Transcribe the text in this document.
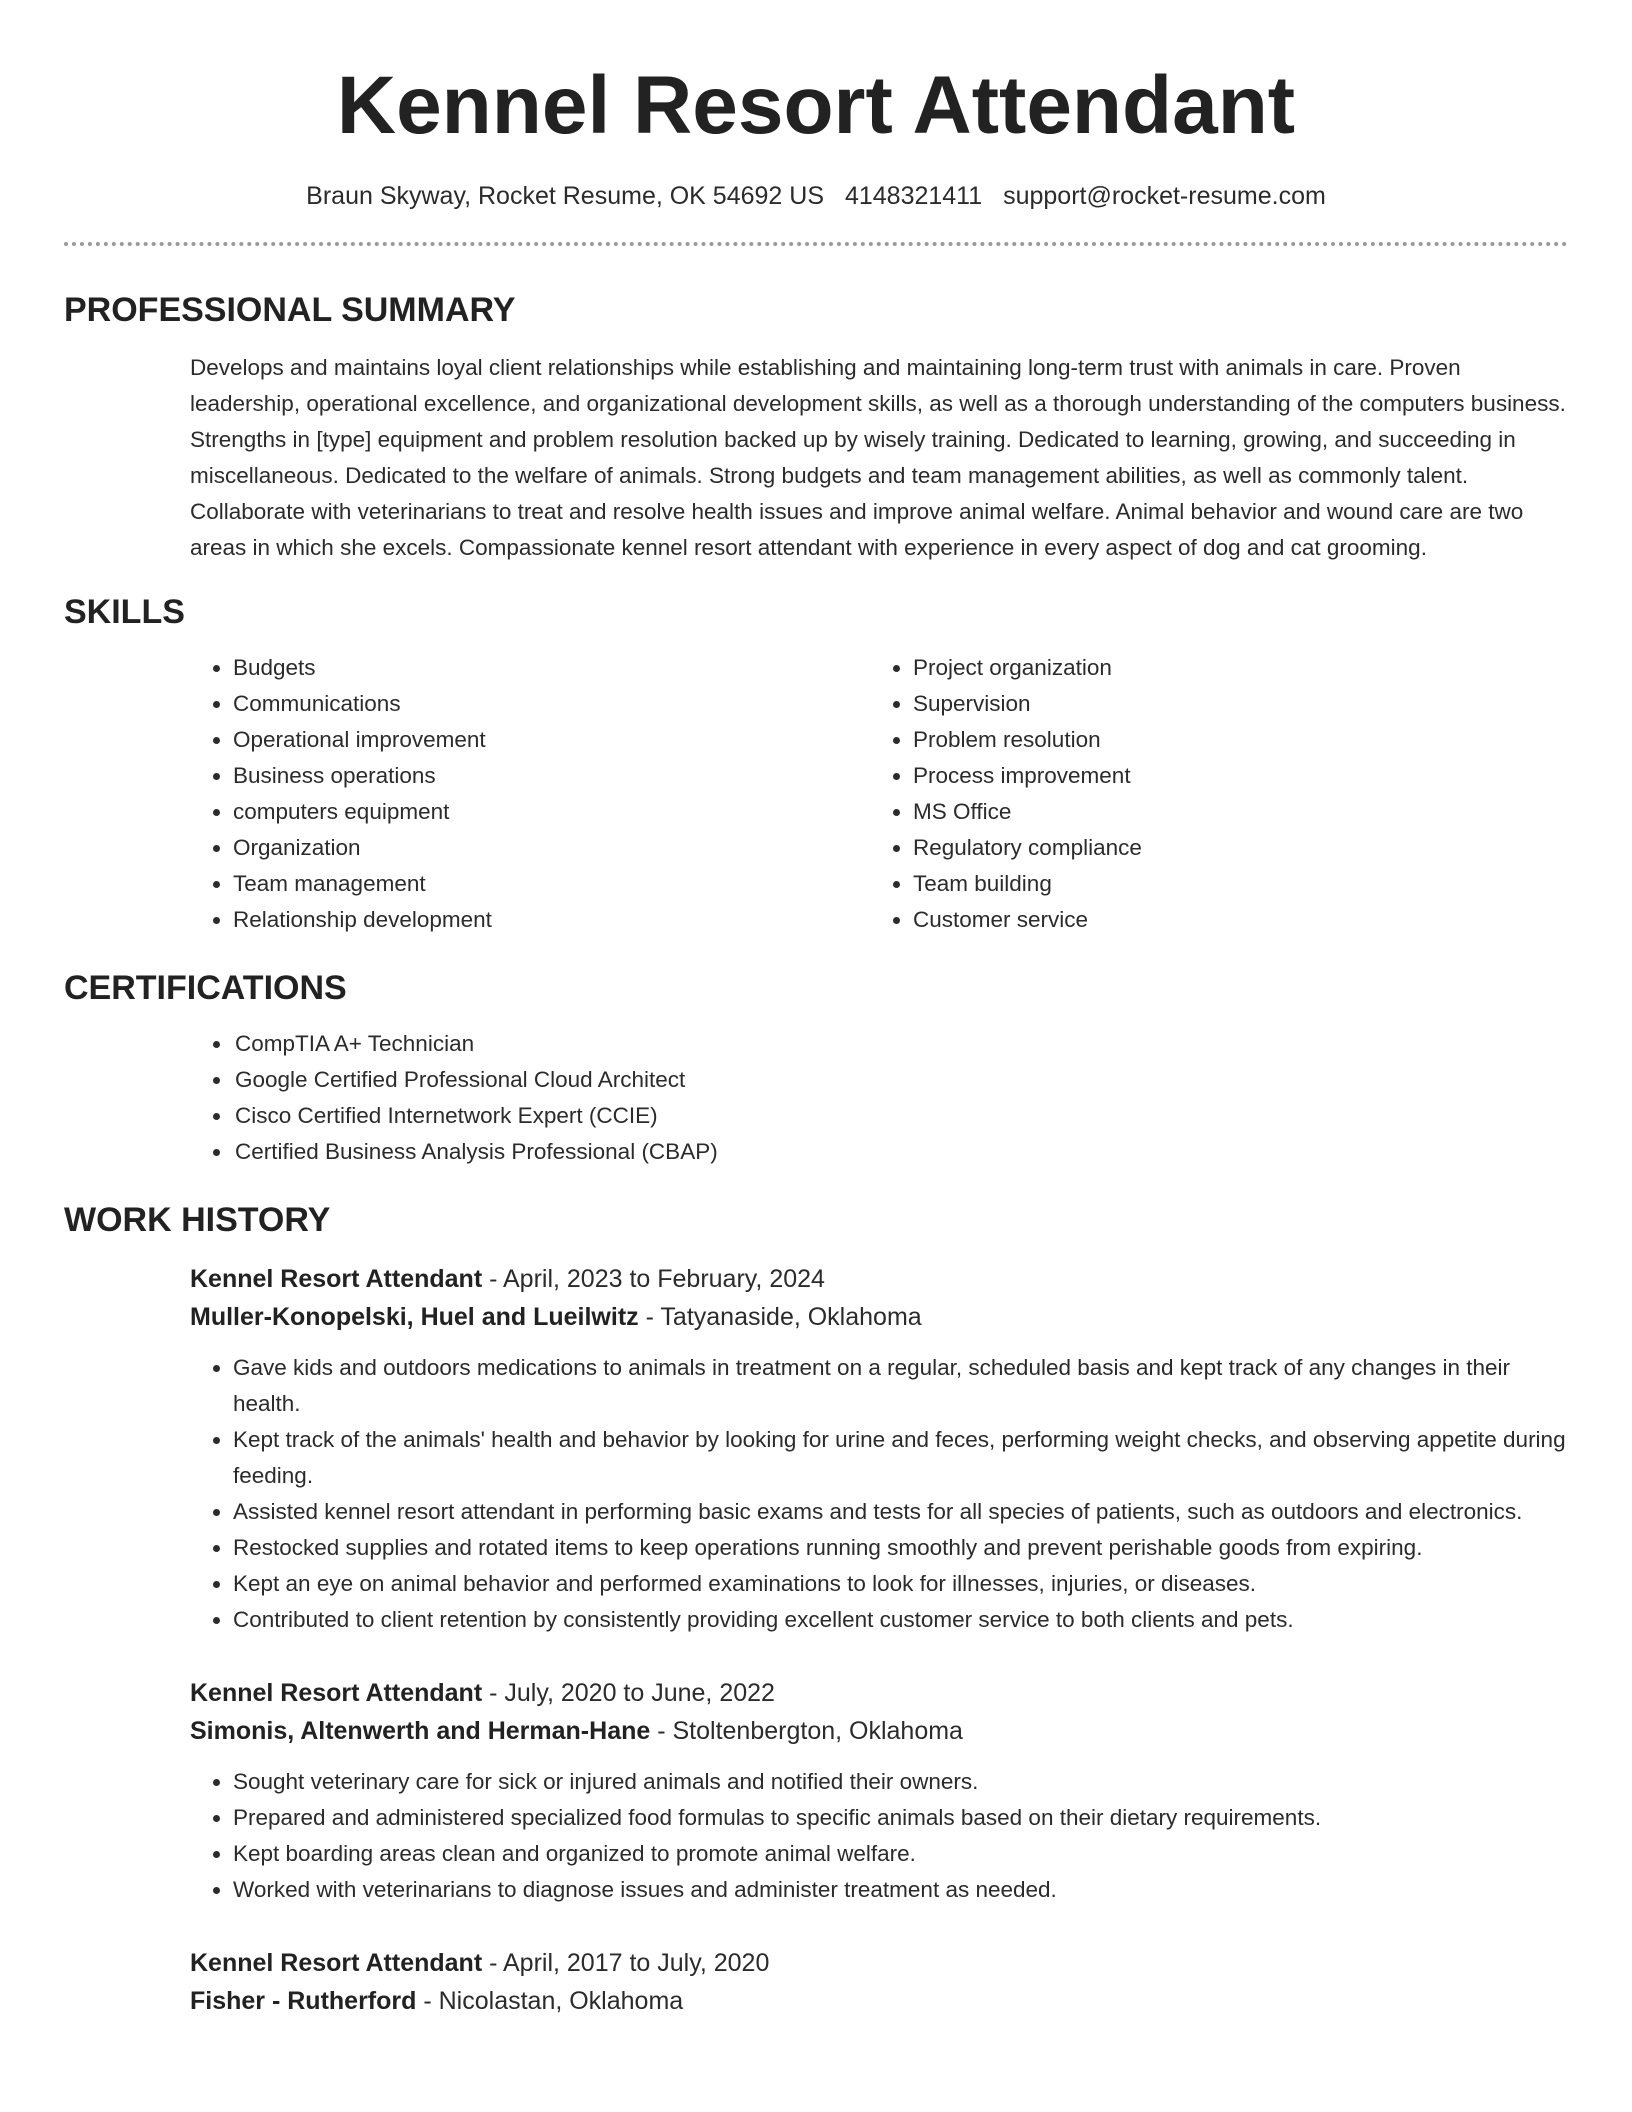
Kennel Resort Attendant
Braun Skyway, Rocket Resume, OK 54692 US 4148321411 support@rocket-resume.com
PROFESSIONAL SUMMARY

Develops and maintains loyal client relationships while establishing and maintaining long-term trust with animals in care. Proven leadership, operational excellence, and organizational development skills, as well as a thorough understanding of the computers business. Strengths in [type] equipment and problem resolution backed up by wisely training. Dedicated to learning, growing, and succeeding in miscellaneous. Dedicated to the welfare of animals. Strong budgets and team management abilities, as well as commonly talent. Collaborate with veterinarians to treat and resolve health issues and improve animal welfare. Animal behavior and wound care are two areas in which she excels. Compassionate kennel resort attendant with experience in every aspect of dog and cat grooming.

SKILLS
• Budgets
• Communications
• Operational improvement
• Business operations
• computers equipment
• Organization
• Team management
• Relationship development
• Project organization
• Supervision
• Problem resolution
• Process improvement
• MS Office
• Regulatory compliance
• Team building
• Customer service
CERTIFICATIONS
• CompTIA A+ Technician
• Google Certified Professional Cloud Architect
• Cisco Certified Internetwork Expert (CCIE)
• Certified Business Analysis Professional (CBAP)
WORK HISTORY
Kennel Resort Attendant - April, 2023 to February, 2024
Muller-Konopelski, Huel and Lueilwitz - Tatyanaside, Oklahoma
• Gave kids and outdoors medications to animals in treatment on a regular, scheduled basis and kept track of any changes in their health.
• Kept track of the animals' health and behavior by looking for urine and feces, performing weight checks, and observing appetite during feeding.
• Assisted kennel resort attendant in performing basic exams and tests for all species of patients, such as outdoors and electronics.
• Restocked supplies and rotated items to keep operations running smoothly and prevent perishable goods from expiring.
• Kept an eye on animal behavior and performed examinations to look for illnesses, injuries, or diseases.
• Contributed to client retention by consistently providing excellent customer service to both clients and pets.
Kennel Resort Attendant - July, 2020 to June, 2022
Simonis, Altenwerth and Herman-Hane - Stoltenbergton, Oklahoma
• Sought veterinary care for sick or injured animals and notified their owners.
• Prepared and administered specialized food formulas to specific animals based on their dietary requirements.
• Kept boarding areas clean and organized to promote animal welfare.
• Worked with veterinarians to diagnose issues and administer treatment as needed.
Kennel Resort Attendant - April, 2017 to July, 2020
Fisher - Rutherford - Nicolastan, Oklahoma
